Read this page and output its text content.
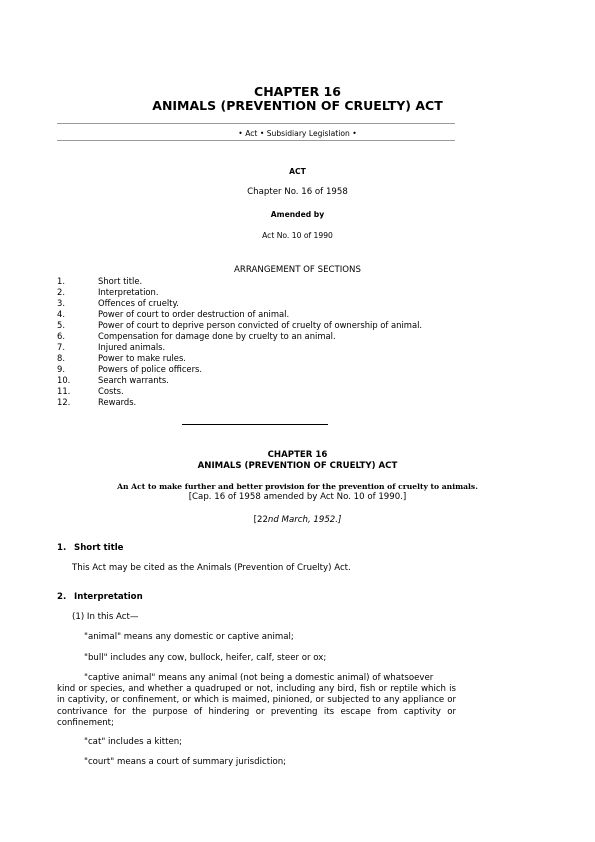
CHAPTER 16
ANIMALS (PREVENTION OF CRUELTY) ACT
• Act • Subsidiary Legislation •
ACT
Chapter No. 16 of 1958
Amended by
Act No. 10 of 1990
ARRANGEMENT OF SECTIONS
1.	Short title.
2.	Interpretation.
3.	Offences of cruelty.
4.	Power of court to order destruction of animal.
5.	Power of court to deprive person convicted of cruelty of ownership of animal.
6.	Compensation for damage done by cruelty to an animal.
7.	Injured animals.
8.	Power to make rules.
9.	Powers of police officers.
10.	Search warrants.
11.	Costs.
12.	Rewards.
CHAPTER 16
ANIMALS (PREVENTION OF CRUELTY) ACT
An Act to make further and better provision for the prevention of cruelty to animals.
[Cap. 16 of 1958 amended by Act No. 10 of 1990.]
[22nd March, 1952.]
1. Short title
This Act may be cited as the Animals (Prevention of Cruelty) Act.
2. Interpretation
(1) In this Act—
"animal" means any domestic or captive animal;
"bull" includes any cow, bullock, heifer, calf, steer or ox;
"captive animal" means any animal (not being a domestic animal) of whatsoever
kind or species, and whether a quadruped or not, including any bird, fish or reptile which is in captivity, or confinement, or which is maimed, pinioned, or subjected to any appliance or contrivance for the purpose of hindering or preventing its escape from captivity or confinement;
"cat" includes a kitten;
"court" means a court of summary jurisdiction;
